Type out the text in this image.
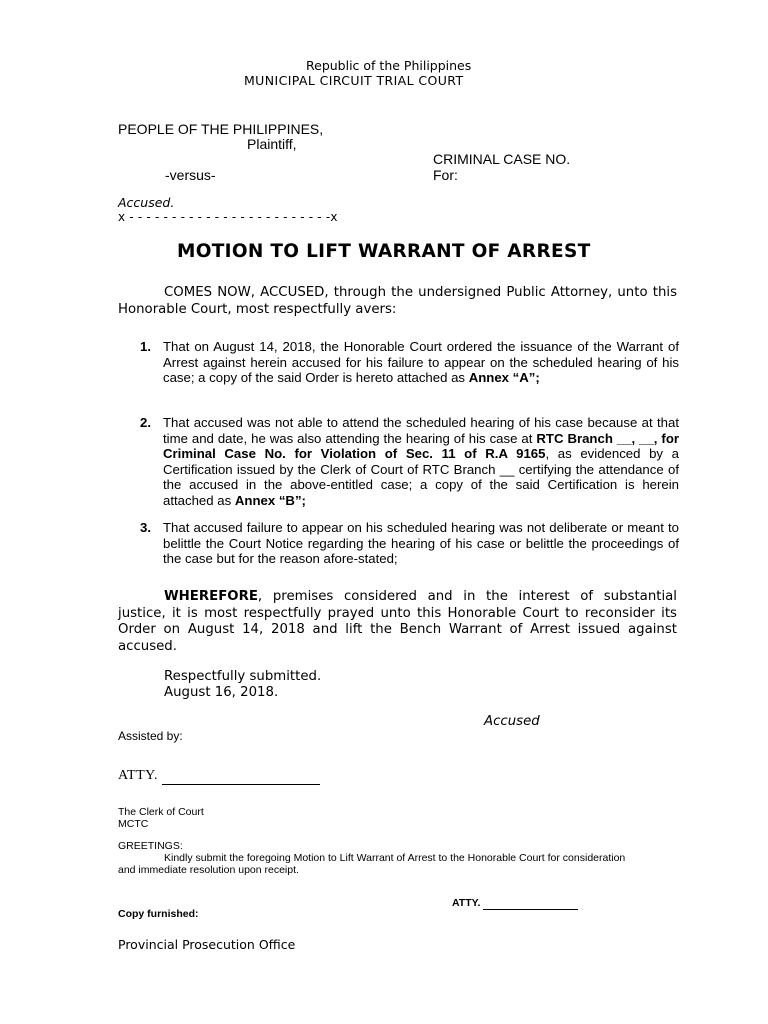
Republic of the Philippines
MUNICIPAL CIRCUIT TRIAL COURT
PEOPLE OF THE PHILIPPINES,
Plaintiff,
CRIMINAL CASE NO.
-versus-	For:
Accused.
x - - - - - - - - - - - - - - - - - - - - - - - -x
MOTION TO LIFT WARRANT OF ARREST
COMES NOW, ACCUSED, through the undersigned Public Attorney, unto this Honorable Court, most respectfully avers:
1. That on August 14, 2018, the Honorable Court ordered the issuance of the Warrant of Arrest against herein accused for his failure to appear on the scheduled hearing of his case; a copy of the said Order is hereto attached as Annex “A”;
2. That accused was not able to attend the scheduled hearing of his case because at that time and date, he was also attending the hearing of his case at RTC Branch __, __, for Criminal Case No. for Violation of Sec. 11 of R.A 9165, as evidenced by a Certification issued by the Clerk of Court of RTC Branch __ certifying the attendance of the accused in the above-entitled case; a copy of the said Certification is herein attached as Annex “B”;
3. That accused failure to appear on his scheduled hearing was not deliberate or meant to belittle the Court Notice regarding the hearing of his case or belittle the proceedings of the case but for the reason afore-stated;
WHEREFORE, premises considered and in the interest of substantial justice, it is most respectfully prayed unto this Honorable Court to reconsider its Order on August 14, 2018 and lift the Bench Warrant of Arrest issued against accused.
Respectfully submitted.
August 16, 2018.
Accused
Assisted by:
ATTY.
The Clerk of Court
MCTC
GREETINGS:
Kindly submit the foregoing Motion to Lift Warrant of Arrest to the Honorable Court for consideration
and immediate resolution upon receipt.
ATTY.
Copy furnished:
Provincial Prosecution Office
